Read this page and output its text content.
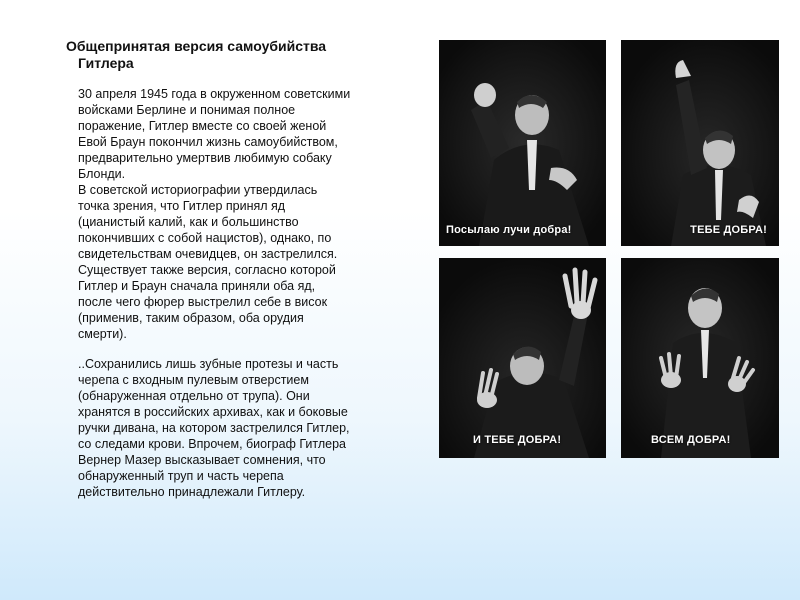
Общепринятая версия самоубийства
Гитлера

30 апреля 1945 года в окруженном советскими
войсками Берлине и понимая полное
поражение, Гитлер вместе со своей женой
Евой Браун покончил жизнь самоубийством,
предварительно умертвив любимую собаку
Блонди.

В советской историографии утвердилась
точка зрения, что Гитлер принял яд
(цианистый калий, как и большинство
покончивших с собой нацистов), однако, по
свидетельствам очевидцев, он застрелился.
Существует также версия, согласно которой
Гитлер и Браун сначала приняли оба яд,
после чего фюрер выстрелил себе в висок
(применив, таким образом, оба орудия
смерти).

..Сохранились лишь зубные протезы и часть
черепа с входным пулевым отверстием
(обнаруженная отдельно от трупа). Они
хранятся в российских архивах, как и боковые
ручки дивана, на котором застрелился Гитлер,
со следами крови. Впрочем, биограф Гитлера
Вернер Мазер высказывает сомнения, что
обнаруженный труп и часть черепа
действительно принадлежали Гитлеру.

Посылаю лучи добра!	ТЕБЕ ДОБРА!
И ТЕБЕ ДОБРА!	ВСЕМ ДОБРА!
